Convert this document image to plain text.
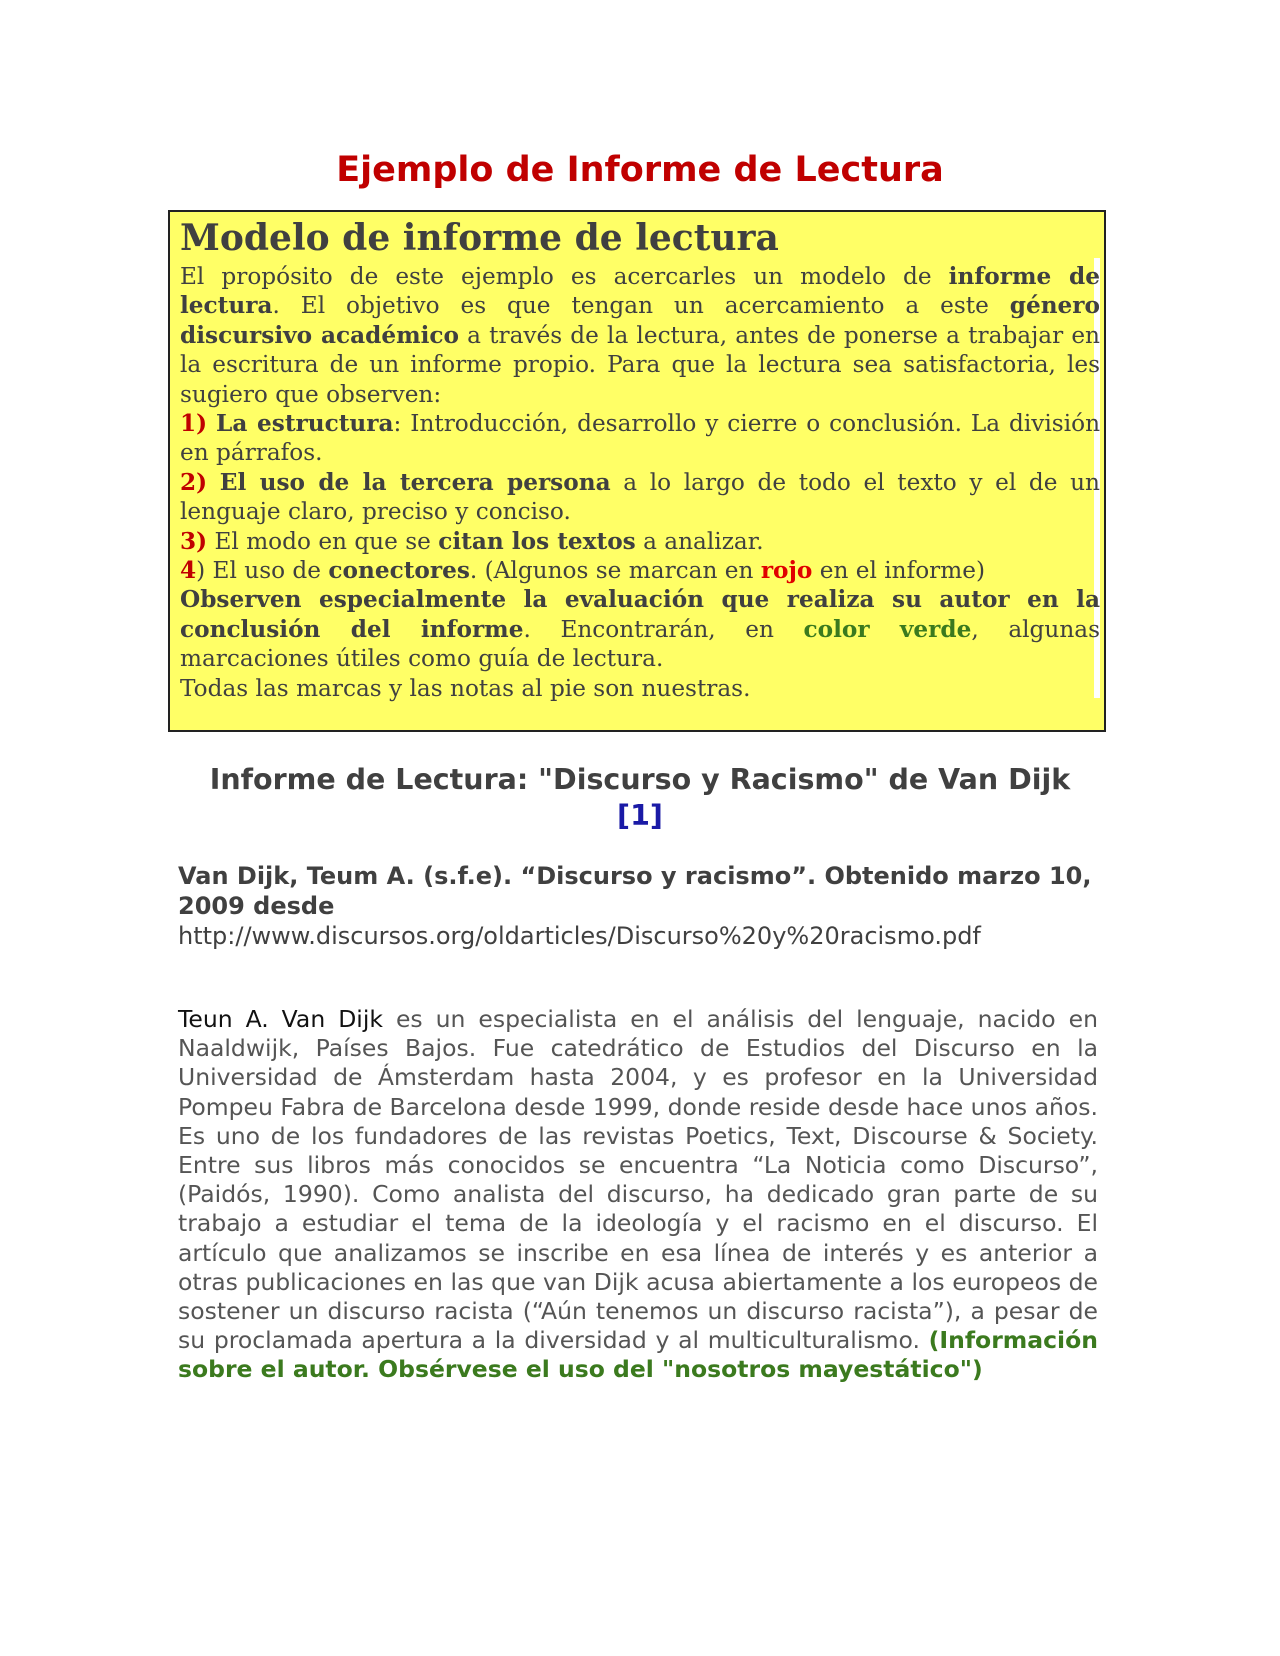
Ejemplo de Informe de Lectura
Modelo de informe de lectura

El propósito de este ejemplo es acercarles un modelo de informe de lectura. El objetivo es que tengan un acercamiento a este género discursivo académico a través de la lectura, antes de ponerse a trabajar en la escritura de un informe propio. Para que la lectura sea satisfactoria, les sugiero que observen:

1) La estructura: Introducción, desarrollo y cierre o conclusión. La división en párrafos.

2) El uso de la tercera persona a lo largo de todo el texto y el de un lenguaje claro, preciso y conciso.

3) El modo en que se citan los textos a analizar.

4) El uso de conectores. (Algunos se marcan en rojo en el informe)

Observen especialmente la evaluación que realiza su autor en la conclusión del informe. Encontrarán, en color verde, algunas marcaciones útiles como guía de lectura.

Todas las marcas y las notas al pie son nuestras.

Informe de Lectura: "Discurso y Racismo" de Van Dijk [1]
Van Dijk, Teum A. (s.f.e). “Discurso y racismo”. Obtenido marzo 10, 2009 desde
http://www.discursos.org/oldarticles/Discurso%20y%20racismo.pdf

Teun A. Van Dijk es un especialista en el análisis del lenguaje, nacido en Naaldwijk, Países Bajos. Fue catedrático de Estudios del Discurso en la Universidad de Ámsterdam hasta 2004, y es profesor en la Universidad Pompeu Fabra de Barcelona desde 1999, donde reside desde hace unos años. Es uno de los fundadores de las revistas Poetics, Text, Discourse & Society. Entre sus libros más conocidos se encuentra “La Noticia como Discurso”, (Paidós, 1990). Como analista del discurso, ha dedicado gran parte de su trabajo a estudiar el tema de la ideología y el racismo en el discurso. El artículo que analizamos se inscribe en esa línea de interés y es anterior a otras publicaciones en las que van Dijk acusa abiertamente a los europeos de sostener un discurso racista (“Aún tenemos un discurso racista”), a pesar de su proclamada apertura a la diversidad y al multiculturalismo. (Información sobre el autor. Obsérvese el uso del "nosotros mayestático")
